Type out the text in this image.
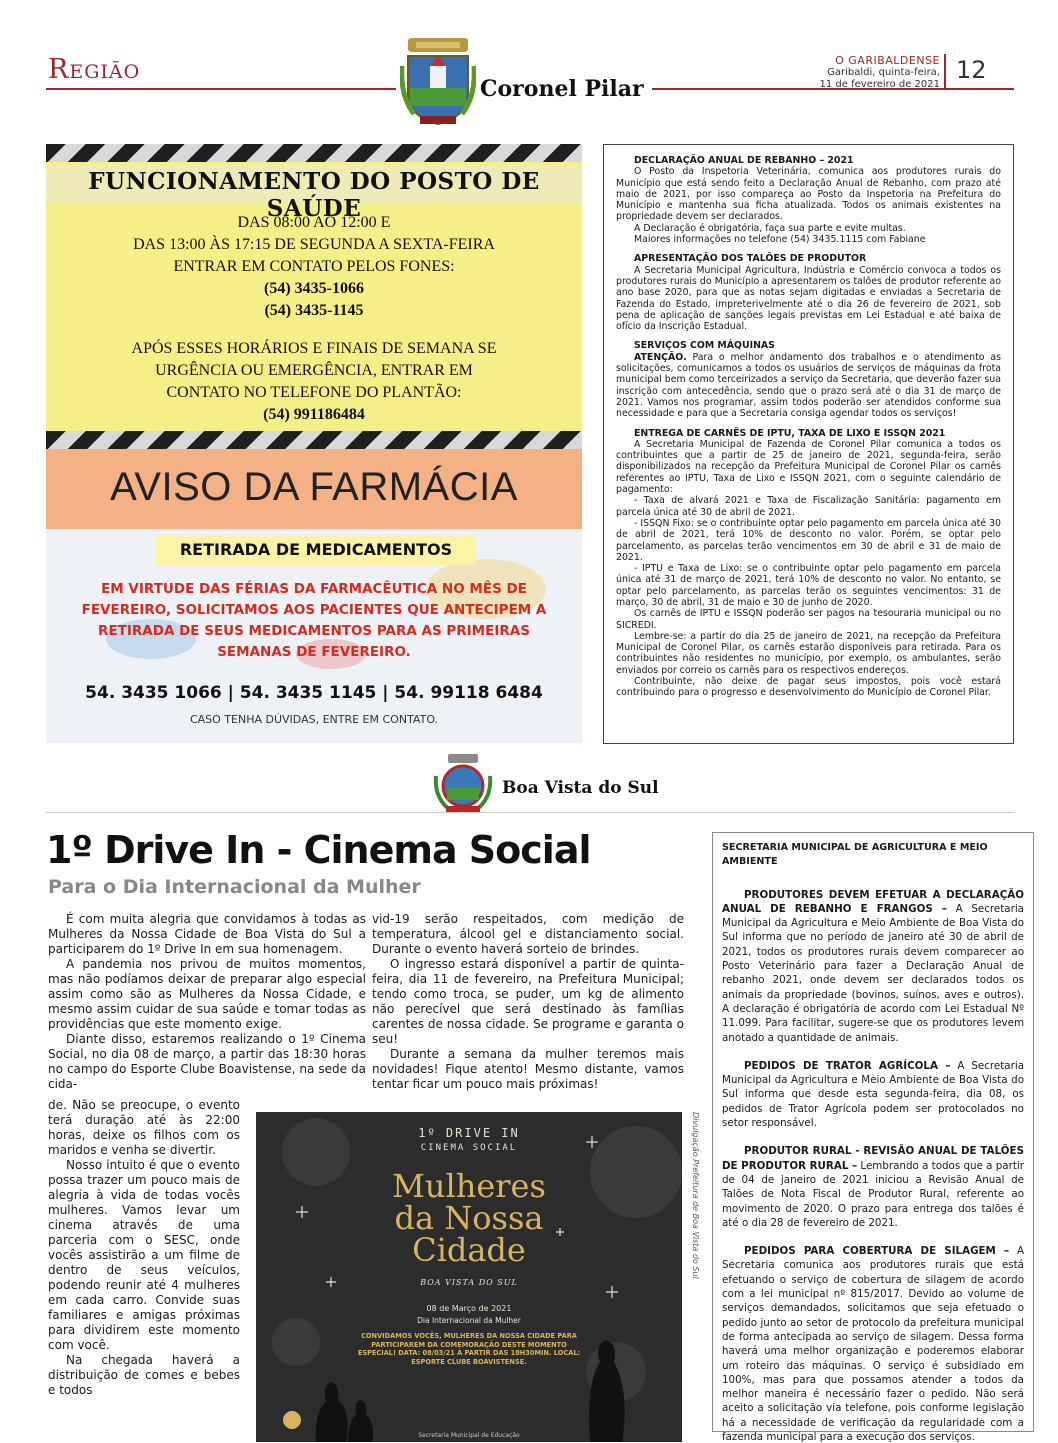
Região
Coronel Pilar
O GARIBALDENSE
Garibaldi, quinta-feira,
11 de fevereiro de 2021
12
FUNCIONAMENTO DO POSTO DE SAÚDE
DAS 08:00 AO 12:00 E
DAS 13:00 ÀS 17:15 DE SEGUNDA A SEXTA-FEIRA
ENTRAR EM CONTATO PELOS FONES:
(54) 3435-1066
(54) 3435-1145
APÓS ESSES HORÁRIOS E FINAIS DE SEMANA SE
URGÊNCIA OU EMERGÊNCIA, ENTRAR EM
CONTATO NO TELEFONE DO PLANTÃO:
(54) 991186484
AVISO DA FARMÁCIA
RETIRADA DE MEDICAMENTOS
EM VIRTUDE DAS FÉRIAS DA FARMACÊUTICA NO MÊS DE FEVEREIRO, SOLICITAMOS AOS PACIENTES QUE ANTECIPEM A RETIRADA DE SEUS MEDICAMENTOS PARA AS PRIMEIRAS SEMANAS DE FEVEREIRO.
54. 3435 1066 | 54. 3435 1145 | 54. 99118 6484
CASO TENHA DÚVIDAS, ENTRE EM CONTATO.
DECLARAÇÃO ANUAL DE REBANHO – 2021

O Posto da Inspetoria Veterinária, comunica aos produtores rurais do Município que está sendo feito a Declaração Anual de Rebanho, com prazo até maio de 2021, por isso compareça ao Posto da Inspetoria na Prefeitura do Município e mantenha sua ficha atualizada. Todos os animais existentes na propriedade devem ser declarados.

A Declaração é obrigatória, faça sua parte e evite multas.

Maiores informações no telefone (54) 3435.1115 com Fabiane

APRESENTAÇÃO DOS TALÕES DE PRODUTOR

A Secretaria Municipal Agricultura, Indústria e Comércio convoca a todos os produtores rurais do Município a apresentarem os talões de produtor referente ao ano base 2020, para que as notas sejam digitadas e enviadas a Secretaria de Fazenda do Estado, impreterivelmente até o dia 26 de fevereiro de 2021, sob pena de aplicação de sanções legais previstas em Lei Estadual e até baixa de ofício da Inscrição Estadual.

SERVIÇOS COM MÁQUINAS

ATENÇÃO. Para o melhor andamento dos trabalhos e o atendimento as solicitações, comunicamos a todos os usuários de serviços de máquinas da frota municipal bem como terceirizados a serviço da Secretaria, que deverão fazer sua inscrição com antecedência, sendo que o prazo será até o dia 31 de março de 2021. Vamos nos programar, assim todos poderão ser atendidos conforme sua necessidade e para que a Secretaria consiga agendar todos os serviços!

ENTREGA DE CARNÊS DE IPTU, TAXA DE LIXO E ISSQN 2021

A Secretaria Municipal de Fazenda de Coronel Pilar comunica a todos os contribuintes que a partir de 25 de janeiro de 2021, segunda-feira, serão disponibilizados na recepção da Prefeitura Municipal de Coronel Pilar os carnês referentes ao IPTU, Taxa de Lixo e ISSQN 2021, com o seguinte calendário de pagamento:

- Taxa de alvará 2021 e Taxa de Fiscalização Sanitária: pagamento em parcela única até 30 de abril de 2021.

- ISSQN Fixo: se o contribuinte optar pelo pagamento em parcela única até 30 de abril de 2021, terá 10% de desconto no valor. Porém, se optar pelo parcelamento, as parcelas terão vencimentos em 30 de abril e 31 de maio de 2021.

- IPTU e Taxa de Lixo: se o contribuinte optar pelo pagamento em parcela única até 31 de março de 2021, terá 10% de desconto no valor. No entanto, se optar pelo parcelamento, as parcelas terão os seguintes vencimentos: 31 de março, 30 de abril, 31 de maio e 30 de junho de 2020.

Os carnês de IPTU e ISSQN poderão ser pagos na tesouraria municipal ou no SICREDI.

Lembre-se: a partir do dia 25 de janeiro de 2021, na recepção da Prefeitura Municipal de Coronel Pilar, os carnês estarão disponíveis para retirada. Para os contribuintes não residentes no município, por exemplo, os ambulantes, serão enviados por correio os carnês para os respectivos endereços.

Contribuinte, não deixe de pagar seus impostos, pois você estará contribuindo para o progresso e desenvolvimento do Município de Coronel Pilar.

Boa Vista do Sul
1º Drive In - Cinema Social
Para o Dia Internacional da Mulher

É com muita alegria que convidamos à todas as Mulheres da Nossa Cidade de Boa Vista do Sul a participarem do 1º Drive In em sua homenagem.

A pandemia nos privou de muitos momentos, mas não podíamos deixar de preparar algo especial assim como são as Mulheres da Nossa Cidade, e mesmo assim cuidar de sua saúde e tomar todas as providências que este momento exige.

Diante disso, estaremos realizando o 1º Cinema Social, no dia 08 de março, a partir das 18:30 horas no campo do Esporte Clube Boavistense, na sede da cida-

de. Não se preocupe, o evento terá duração até às 22:00 horas, deixe os filhos com os maridos e venha se divertir.

Nosso intuito é que o evento possa trazer um pouco mais de alegria à vida de todas vocês mulheres. Vamos levar um cinema através de uma parceria com o SESC, onde vocês assistirão a um filme de dentro de seus veículos, podendo reunir até 4 mulheres em cada carro. Convide suas familiares e amigas próximas para dividirem este momento com você.

Na chegada haverá a distribuição de comes e bebes e todos

vid-19 serão respeitados, com medição de temperatura, álcool gel e distanciamento social. Durante o evento haverá sorteio de brindes.

O ingresso estará disponível a partir de quinta-feira, dia 11 de fevereiro, na Prefeitura Municipal; tendo como troca, se puder, um kg de alimento não perecível que será destinado às famílias carentes de nossa cidade. Se programe e garanta o seu!

Durante a semana da mulher teremos mais novidades! Fique atento! Mesmo distante, vamos tentar ficar um pouco mais próximas!

1º DRIVE IN
CINEMA SOCIAL
Mulheres
da Nossa
Cidade
BOA VISTA DO SUL
08 de Março de 2021
Dia Internacional da Mulher
CONVIDAMOS VOCÊS, MULHERES DA NOSSA CIDADE PARA PARTICIPAREM DA COMEMORAÇÃO DESTE MOMENTO ESPECIAL! DATA: 08/03/21 À PARTIR DAS 18H30MIN. LOCAL: ESPORTE CLUBE BOAVISTENSE.
Secretaria Municipal de Educação
Divulgação Prefeitura de Boa Vista do Sul
SECRETARIA MUNICIPAL DE AGRICULTURA E MEIO AMBIENTE

PRODUTORES DEVEM EFETUAR A DECLARAÇÃO ANUAL DE REBANHO E FRANGOS – A Secretaria Municipal da Agricultura e Meio Ambiente de Boa Vista do Sul informa que no período de janeiro até 30 de abril de 2021, todos os produtores rurais devem comparecer ao Posto Veterinário para fazer a Declaração Anual de rebanho 2021, onde devem ser declarados todos os animais da propriedade (bovinos, suínos, aves e outros). A declaração é obrigatória de acordo com Lei Estadual Nº 11.099. Para facilitar, sugere-se que os produtores levem anotado a quantidade de animais.

PEDIDOS DE TRATOR AGRÍCOLA – A Secretaria Municipal da Agricultura e Meio Ambiente de Boa Vista do Sul informa que desde esta segunda-feira, dia 08, os pedidos de Trator Agrícola podem ser protocolados no setor responsável.

PRODUTOR RURAL - REVISÃO ANUAL DE TALÕES DE PRODUTOR RURAL – Lembrando a todos que a partir de 04 de janeiro de 2021 iniciou a Revisão Anual de Talões de Nota Fiscal de Produtor Rural, referente ao movimento de 2020. O prazo para entrega dos talões é até o dia 28 de fevereiro de 2021.

PEDIDOS PARA COBERTURA DE SILAGEM – A Secretaria comunica aos produtores rurais que está efetuando o serviço de cobertura de silagem de acordo com a lei municipal nº 815/2017. Devido ao volume de serviços demandados, solicitamos que seja efetuado o pedido junto ao setor de protocolo da prefeitura municipal de forma antecipada ao serviço de silagem. Dessa forma haverá uma melhor organização e poderemos elaborar um roteiro das máquinas. O serviço é subsidiado em 100%, mas para que possamos atender a todos da melhor maneira é necessário fazer o pedido. Não será aceito a solicitação via telefone, pois conforme legislação há a necessidade de verificação da regularidade com a fazenda municipal para a execução dos serviços.
